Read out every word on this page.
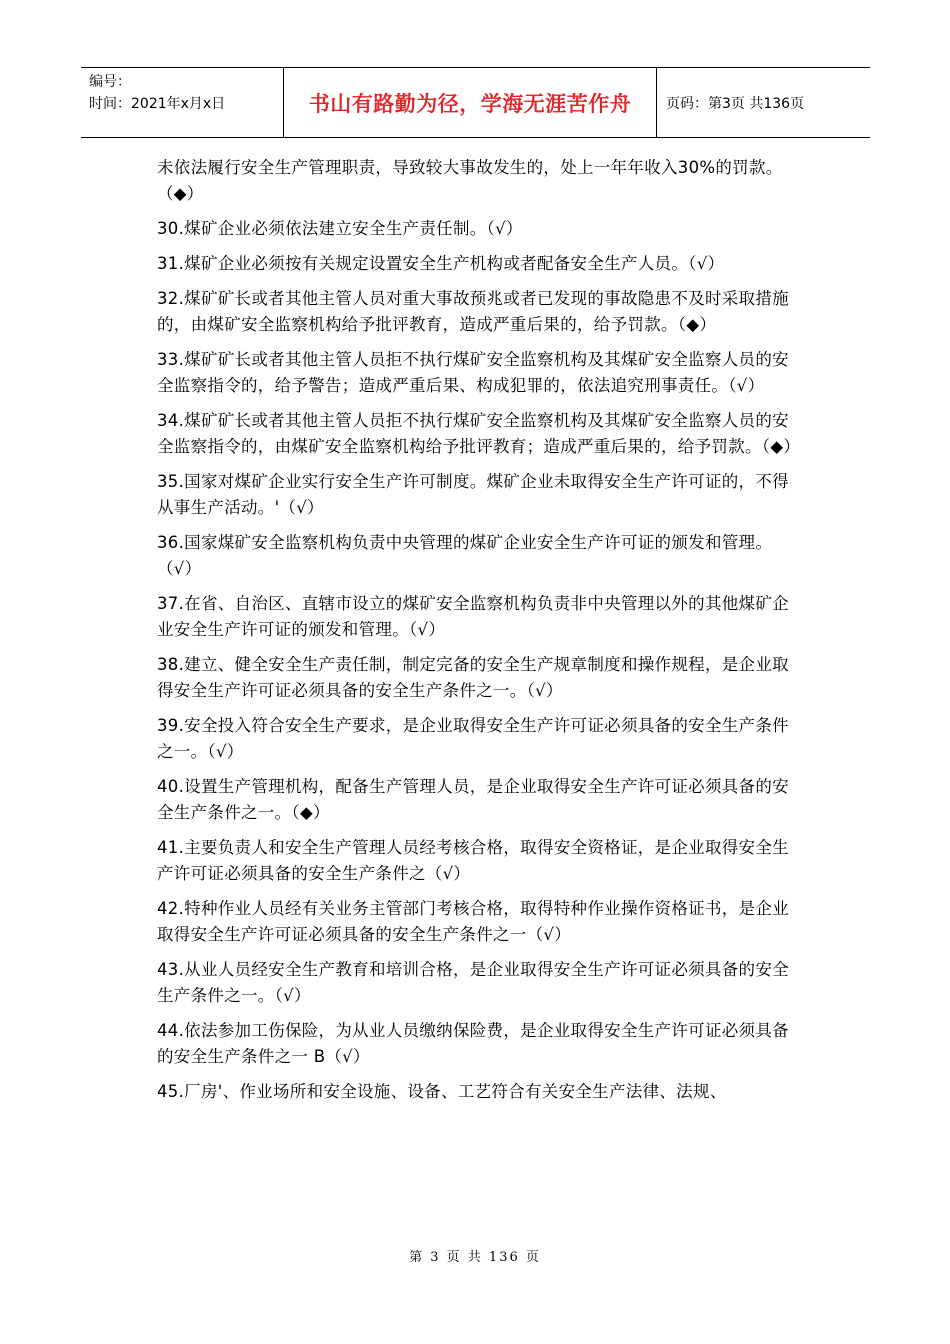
编号：
时间：2021年x月x日	书山有路勤为径，学海无涯苦作舟	页码：第3页 共136页

未依法履行安全生产管理职责，导致较大事故发生的，处上一年年收入30%的罚款。（◆）

30.煤矿企业必须依法建立安全生产责任制。（√）

31.煤矿企业必须按有关规定设置安全生产机构或者配备安全生产人员。（√）

32.煤矿矿长或者其他主管人员对重大事故预兆或者已发现的事故隐患不及时采取措施的，由煤矿安全监察机构给予批评教育，造成严重后果的，给予罚款。（◆）

33.煤矿矿长或者其他主管人员拒不执行煤矿安全监察机构及其煤矿安全监察人员的安全监察指令的，给予警告；造成严重后果、构成犯罪的，依法追究刑事责任。（√）

34.煤矿矿长或者其他主管人员拒不执行煤矿安全监察机构及其煤矿安全监察人员的安全监察指令的，由煤矿安全监察机构给予批评教育；造成严重后果的，给予罚款。（◆）

35.国家对煤矿企业实行安全生产许可制度。煤矿企业未取得安全生产许可证的，不得从事生产活动。'（√）

36.国家煤矿安全监察机构负责中央管理的煤矿企业安全生产许可证的颁发和管理。（√）

37.在省、自治区、直辖市设立的煤矿安全监察机构负责非中央管理以外的其他煤矿企业安全生产许可证的颁发和管理。（√）

38.建立、健全安全生产责任制，制定完备的安全生产规章制度和操作规程，是企业取得安全生产许可证必须具备的安全生产条件之一。（√）

39.安全投入符合安全生产要求，是企业取得安全生产许可证必须具备的安全生产条件之一。（√）

40.设置生产管理机构，配备生产管理人员，是企业取得安全生产许可证必须具备的安全生产条件之一。（◆）

41.主要负责人和安全生产管理人员经考核合格，取得安全资格证，是企业取得安全生产许可证必须具备的安全生产条件之（√）

42.特种作业人员经有关业务主管部门考核合格，取得特种作业操作资格证书，是企业取得安全生产许可证必须具备的安全生产条件之一（√）

43.从业人员经安全生产教育和培训合格，是企业取得安全生产许可证必须具备的安全生产条件之一。（√）

44.依法参加工伤保险，为从业人员缴纳保险费，是企业取得安全生产许可证必须具备的安全生产条件之一 B（√）

45.厂房'、作业场所和安全设施、设备、工艺符合有关安全生产法律、法规、

第 3 页 共 136 页
